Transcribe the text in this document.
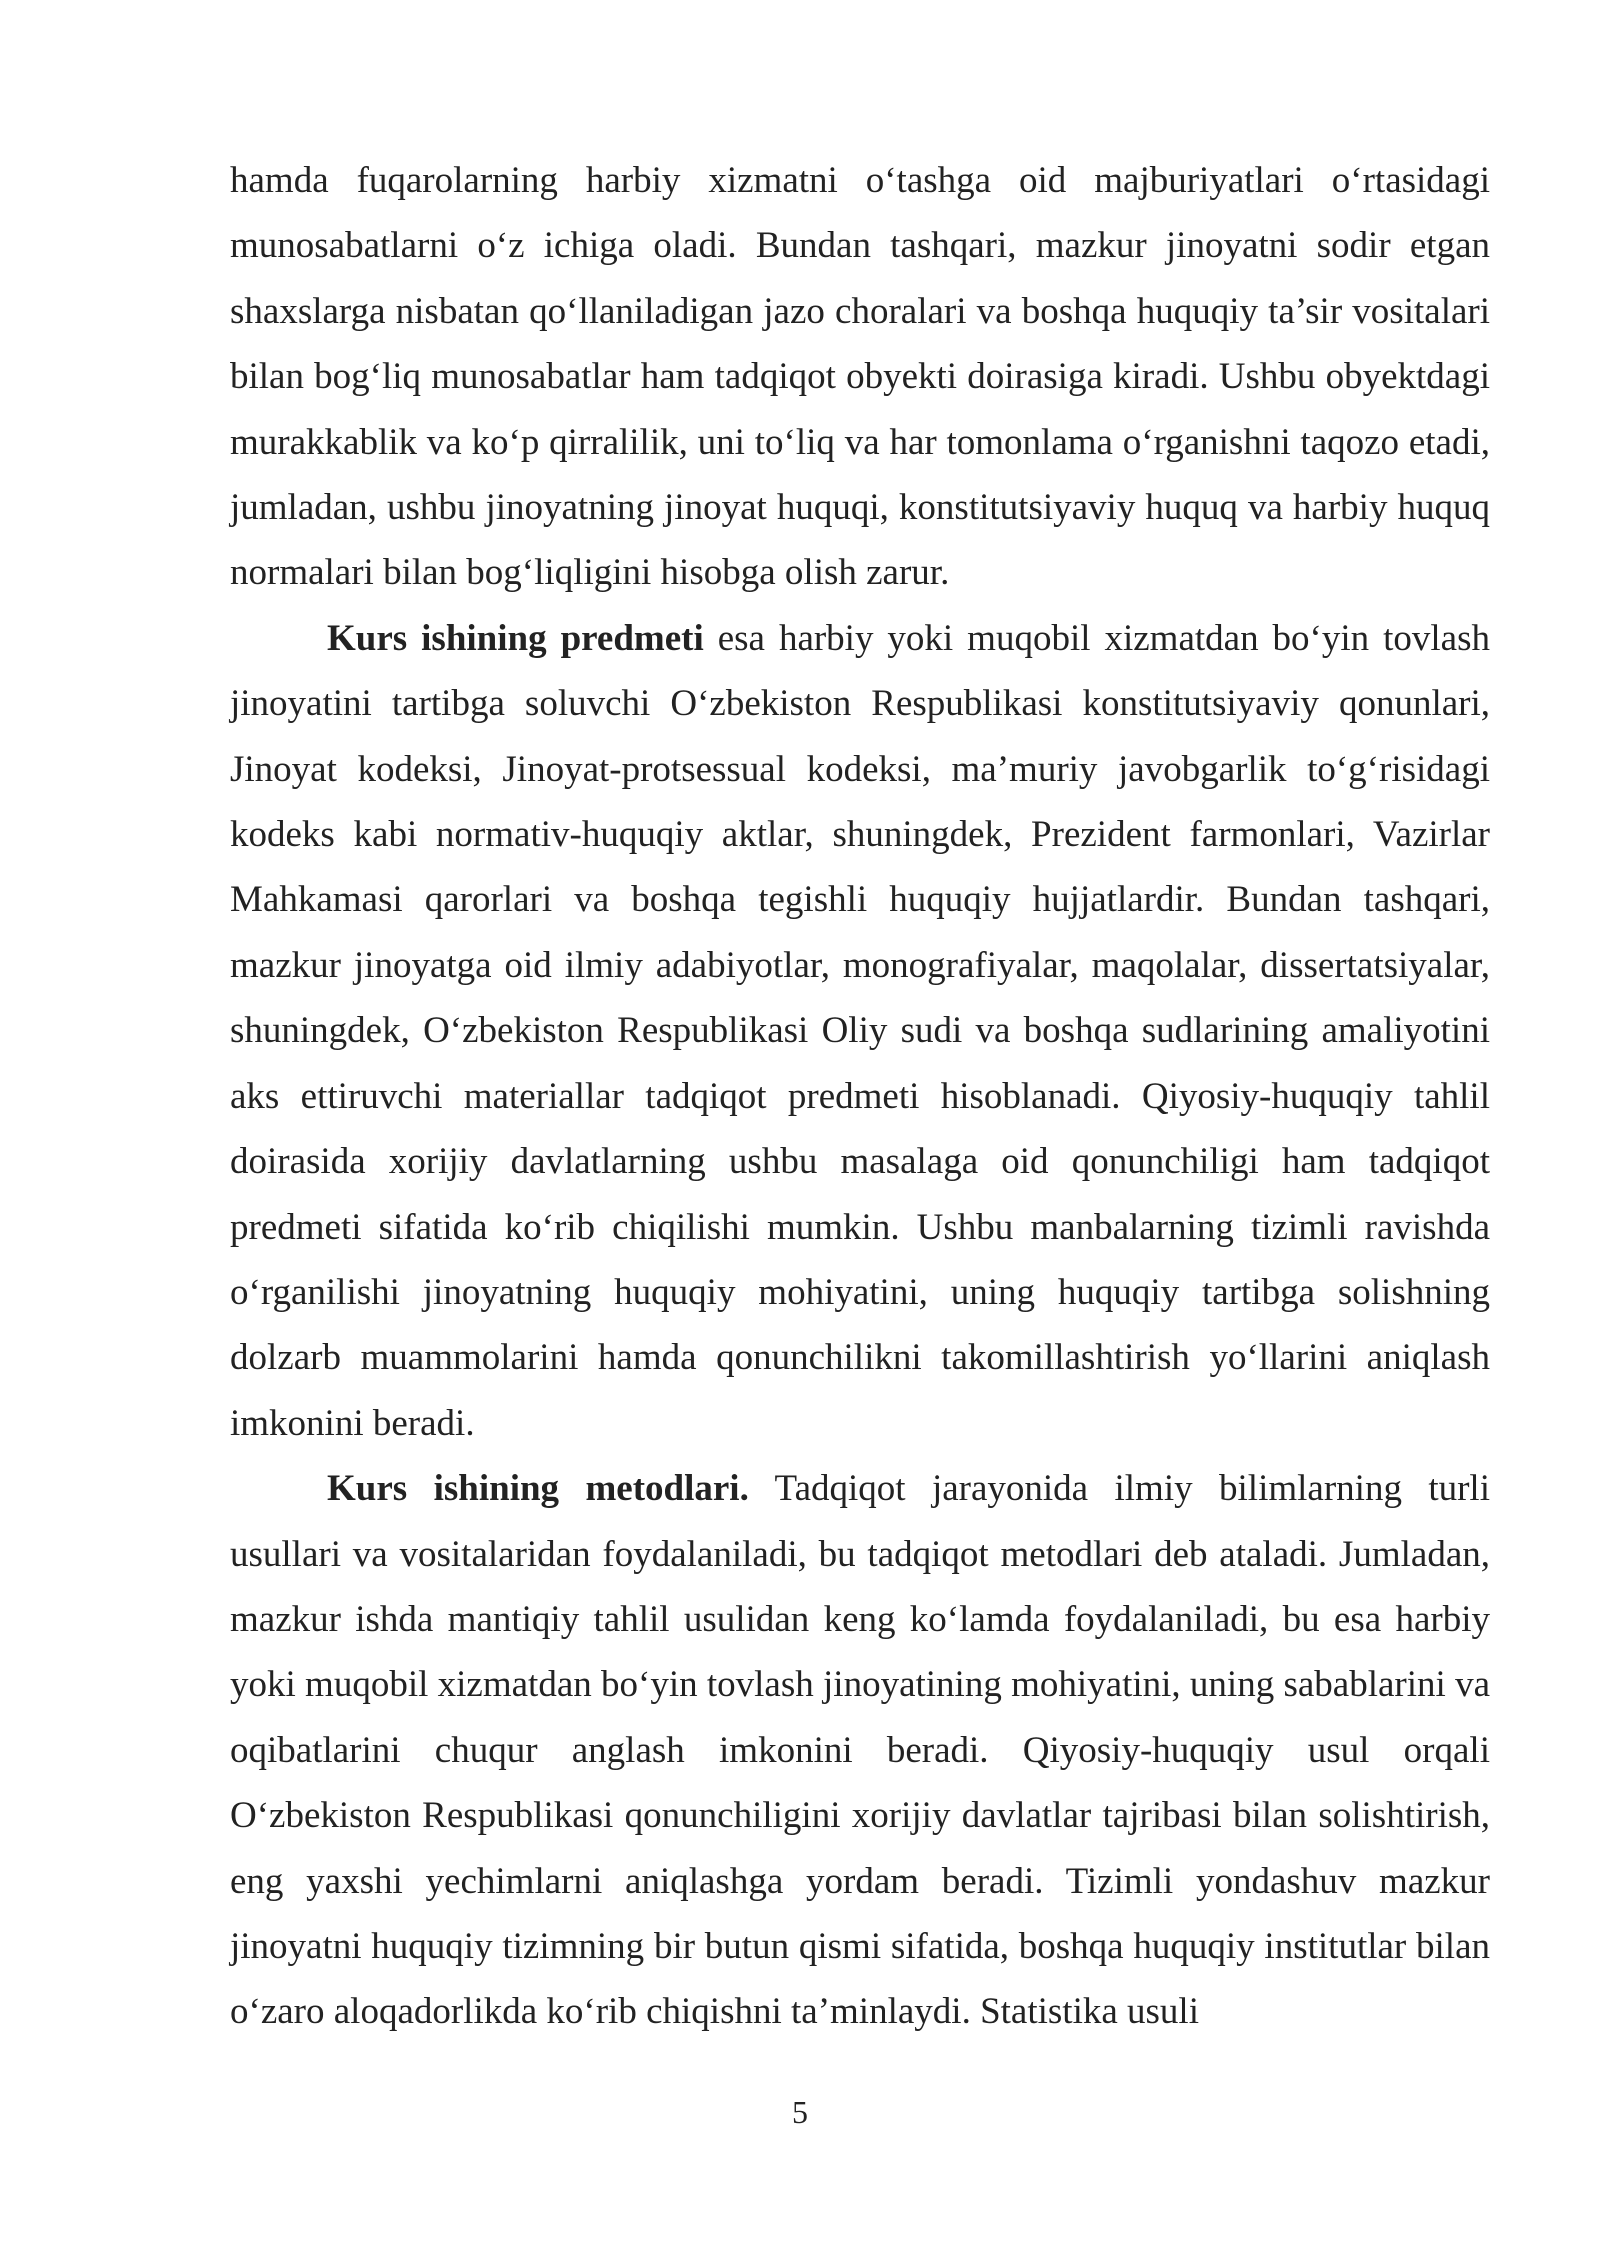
hamda fuqarolarning harbiy xizmatni o‘tashga oid majburiyatlari o‘rtasidagi munosabatlarni o‘z ichiga oladi. Bundan tashqari, mazkur jinoyatni sodir etgan shaxslarga nisbatan qo‘llaniladigan jazo choralari va boshqa huquqiy ta’sir vositalari bilan bog‘liq munosabatlar ham tadqiqot obyekti doirasiga kiradi. Ushbu obyektdagi murakkablik va ko‘p qirralilik, uni to‘liq va har tomonlama o‘rganishni taqozo etadi, jumladan, ushbu jinoyatning jinoyat huquqi, konstitutsiyaviy huquq va harbiy huquq normalari bilan bog‘liqligini hisobga olish zarur.

Kurs ishining predmeti esa harbiy yoki muqobil xizmatdan bo‘yin tovlash jinoyatini tartibga soluvchi O‘zbekiston Respublikasi konstitutsiyaviy qonunlari, Jinoyat kodeksi, Jinoyat-protsessual kodeksi, ma’muriy javobgarlik to‘g‘risidagi kodeks kabi normativ-huquqiy aktlar, shuningdek, Prezident farmonlari, Vazirlar Mahkamasi qarorlari va boshqa tegishli huquqiy hujjatlardir. Bundan tashqari, mazkur jinoyatga oid ilmiy adabiyotlar, monografiyalar, maqolalar, dissertatsiyalar, shuningdek, O‘zbekiston Respublikasi Oliy sudi va boshqa sudlarining amaliyotini aks ettiruvchi materiallar tadqiqot predmeti hisoblanadi. Qiyosiy-huquqiy tahlil doirasida xorijiy davlatlarning ushbu masalaga oid qonunchiligi ham tadqiqot predmeti sifatida ko‘rib chiqilishi mumkin. Ushbu manbalarning tizimli ravishda o‘rganilishi jinoyatning huquqiy mohiyatini, uning huquqiy tartibga solishning dolzarb muammolarini hamda qonunchilikni takomillashtirish yo‘llarini aniqlash imkonini beradi.

Kurs ishining metodlari. Tadqiqot jarayonida ilmiy bilimlarning turli usullari va vositalaridan foydalaniladi, bu tadqiqot metodlari deb ataladi. Jumladan, mazkur ishda mantiqiy tahlil usulidan keng ko‘lamda foydalaniladi, bu esa harbiy yoki muqobil xizmatdan bo‘yin tovlash jinoyatining mohiyatini, uning sabablarini va oqibatlarini chuqur anglash imkonini beradi. Qiyosiy-huquqiy usul orqali O‘zbekiston Respublikasi qonunchiligini xorijiy davlatlar tajribasi bilan solishtirish, eng yaxshi yechimlarni aniqlashga yordam beradi. Tizimli yondashuv mazkur jinoyatni huquqiy tizimning bir butun qismi sifatida, boshqa huquqiy institutlar bilan o‘zaro aloqadorlikda ko‘rib chiqishni ta’minlaydi. Statistika usuli

5
